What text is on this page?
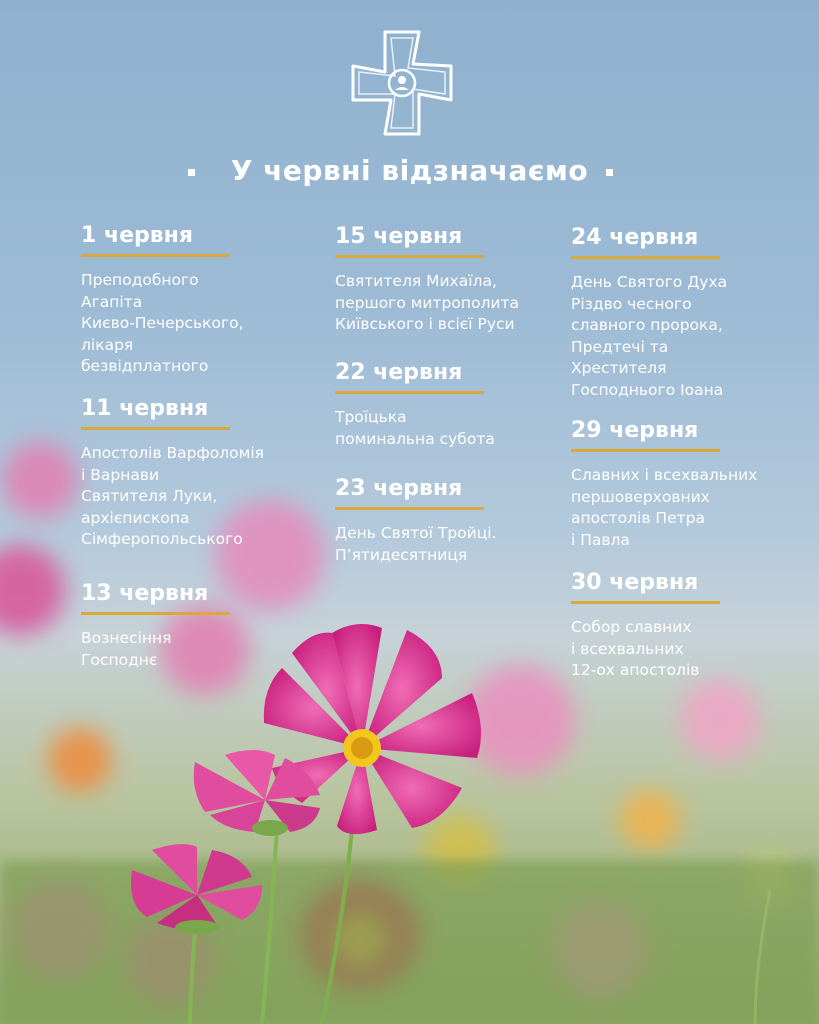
У червні відзначаємо
1 червня
Преподобного
Агапіта
Києво-Печерського,
лікаря
безвідплатного
11 червня
Апостолів Варфоломія
і Варнави
Святителя Луки,
архієпископа
Сімферопольського
13 червня
Вознесіння
Господнє
15 червня
Святителя Михаїла,
першого митрополита
Київського і всієї Руси
22 червня
Троїцька
поминальна субота
23 червня
День Святої Тройці.
П’ятидесятниця
24 червня
День Святого Духа
Різдво чесного
славного пророка,
Предтечі та
Хрестителя
Господнього Іоана
29 червня
Славних і всехвальних
першоверховних
апостолів Петра
і Павла
30 червня
Собор славних
і всехвальних
12-ох апостолів
